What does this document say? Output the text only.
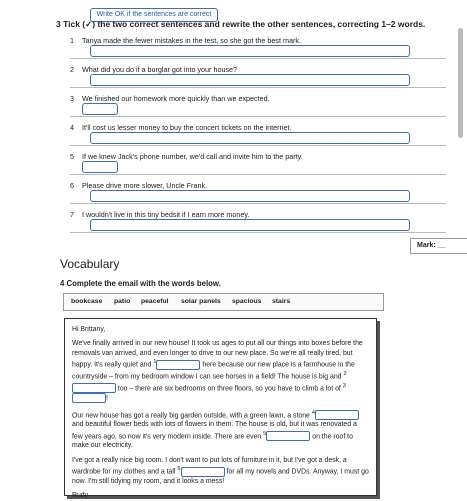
Write OK if the sentences are correct
3 Tick (✓) the two correct sentences and rewrite the other sentences, correcting 1–2 words.
1 Tanya made the fewer mistakes in the test, so she got the best mark.
2 What did you do if a burglar got into your house?
3 We finished our homework more quickly than we expected.
4 It'll cost us lesser money to buy the concert tickets on the internet.
5 If we knew Jack's phone number, we'd call and invite him to the party.
6 Please drive more slower, Uncle Frank.
7 I wouldn't live in this tiny bedsit if I earn more money.
Mark: __
Vocabulary
4 Complete the email with the words below.
bookcase patio peaceful solar panels spacious stairs

Hi Brittany,

We've finally arrived in our new house! It took us ages to put all our things into boxes before the removals van arrived, and even longer to drive to our new place. So we're all really tired, but happy. It's really quiet and $^1$	here because our new place is a farmhouse in the countryside – from my bedroom window I can see horses in a field! The house is big and $^2$ too – there are six bedrooms on three floors, so you have to climb a lot of $^3$!

Our new house has got a really big garden outside, with a green lawn, a stone $^4$ and beautiful flower beds with lots of flowers in them. The house is old, but it was renovated a few years ago, so now it's very modern inside. There are even $^5$	on the roof to make our electricity.

I've got a really nice big room. I don't want to put lots of furniture in it, but I've got a desk, a wardrobe for my clothes and a tall $^6$	for all my novels and DVDs. Anyway, I must go now. I'm still tidying my room, and it looks a mess!

Rudy
